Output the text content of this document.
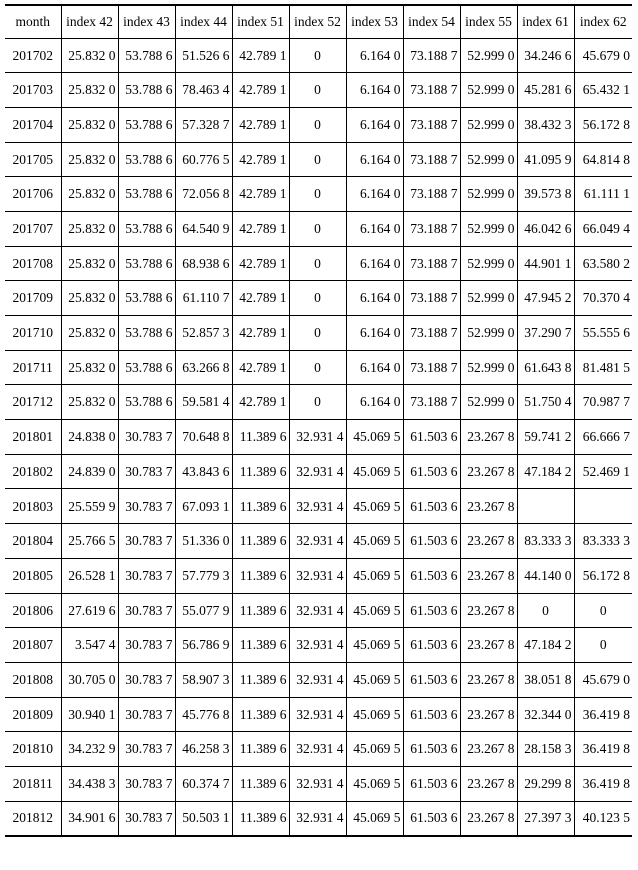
month	index 42	index 43	index 44	index 51	index 52	index 53	index 54	index 55	index 61	index 62
201702	25.832 0	53.788 6	51.526 6	42.789 1	0	6.164 0	73.188 7	52.999 0	34.246 6	45.679 0
201703	25.832 0	53.788 6	78.463 4	42.789 1	0	6.164 0	73.188 7	52.999 0	45.281 6	65.432 1
201704	25.832 0	53.788 6	57.328 7	42.789 1	0	6.164 0	73.188 7	52.999 0	38.432 3	56.172 8
201705	25.832 0	53.788 6	60.776 5	42.789 1	0	6.164 0	73.188 7	52.999 0	41.095 9	64.814 8
201706	25.832 0	53.788 6	72.056 8	42.789 1	0	6.164 0	73.188 7	52.999 0	39.573 8	61.111 1
201707	25.832 0	53.788 6	64.540 9	42.789 1	0	6.164 0	73.188 7	52.999 0	46.042 6	66.049 4
201708	25.832 0	53.788 6	68.938 6	42.789 1	0	6.164 0	73.188 7	52.999 0	44.901 1	63.580 2
201709	25.832 0	53.788 6	61.110 7	42.789 1	0	6.164 0	73.188 7	52.999 0	47.945 2	70.370 4
201710	25.832 0	53.788 6	52.857 3	42.789 1	0	6.164 0	73.188 7	52.999 0	37.290 7	55.555 6
201711	25.832 0	53.788 6	63.266 8	42.789 1	0	6.164 0	73.188 7	52.999 0	61.643 8	81.481 5
201712	25.832 0	53.788 6	59.581 4	42.789 1	0	6.164 0	73.188 7	52.999 0	51.750 4	70.987 7
201801	24.838 0	30.783 7	70.648 8	11.389 6	32.931 4	45.069 5	61.503 6	23.267 8	59.741 2	66.666 7
201802	24.839 0	30.783 7	43.843 6	11.389 6	32.931 4	45.069 5	61.503 6	23.267 8	47.184 2	52.469 1
201803	25.559 9	30.783 7	67.093 1	11.389 6	32.931 4	45.069 5	61.503 6	23.267 8		
201804	25.766 5	30.783 7	51.336 0	11.389 6	32.931 4	45.069 5	61.503 6	23.267 8	83.333 3	83.333 3
201805	26.528 1	30.783 7	57.779 3	11.389 6	32.931 4	45.069 5	61.503 6	23.267 8	44.140 0	56.172 8
201806	27.619 6	30.783 7	55.077 9	11.389 6	32.931 4	45.069 5	61.503 6	23.267 8	0	0
201807	3.547 4	30.783 7	56.786 9	11.389 6	32.931 4	45.069 5	61.503 6	23.267 8	47.184 2	0
201808	30.705 0	30.783 7	58.907 3	11.389 6	32.931 4	45.069 5	61.503 6	23.267 8	38.051 8	45.679 0
201809	30.940 1	30.783 7	45.776 8	11.389 6	32.931 4	45.069 5	61.503 6	23.267 8	32.344 0	36.419 8
201810	34.232 9	30.783 7	46.258 3	11.389 6	32.931 4	45.069 5	61.503 6	23.267 8	28.158 3	36.419 8
201811	34.438 3	30.783 7	60.374 7	11.389 6	32.931 4	45.069 5	61.503 6	23.267 8	29.299 8	36.419 8
201812	34.901 6	30.783 7	50.503 1	11.389 6	32.931 4	45.069 5	61.503 6	23.267 8	27.397 3	40.123 5
